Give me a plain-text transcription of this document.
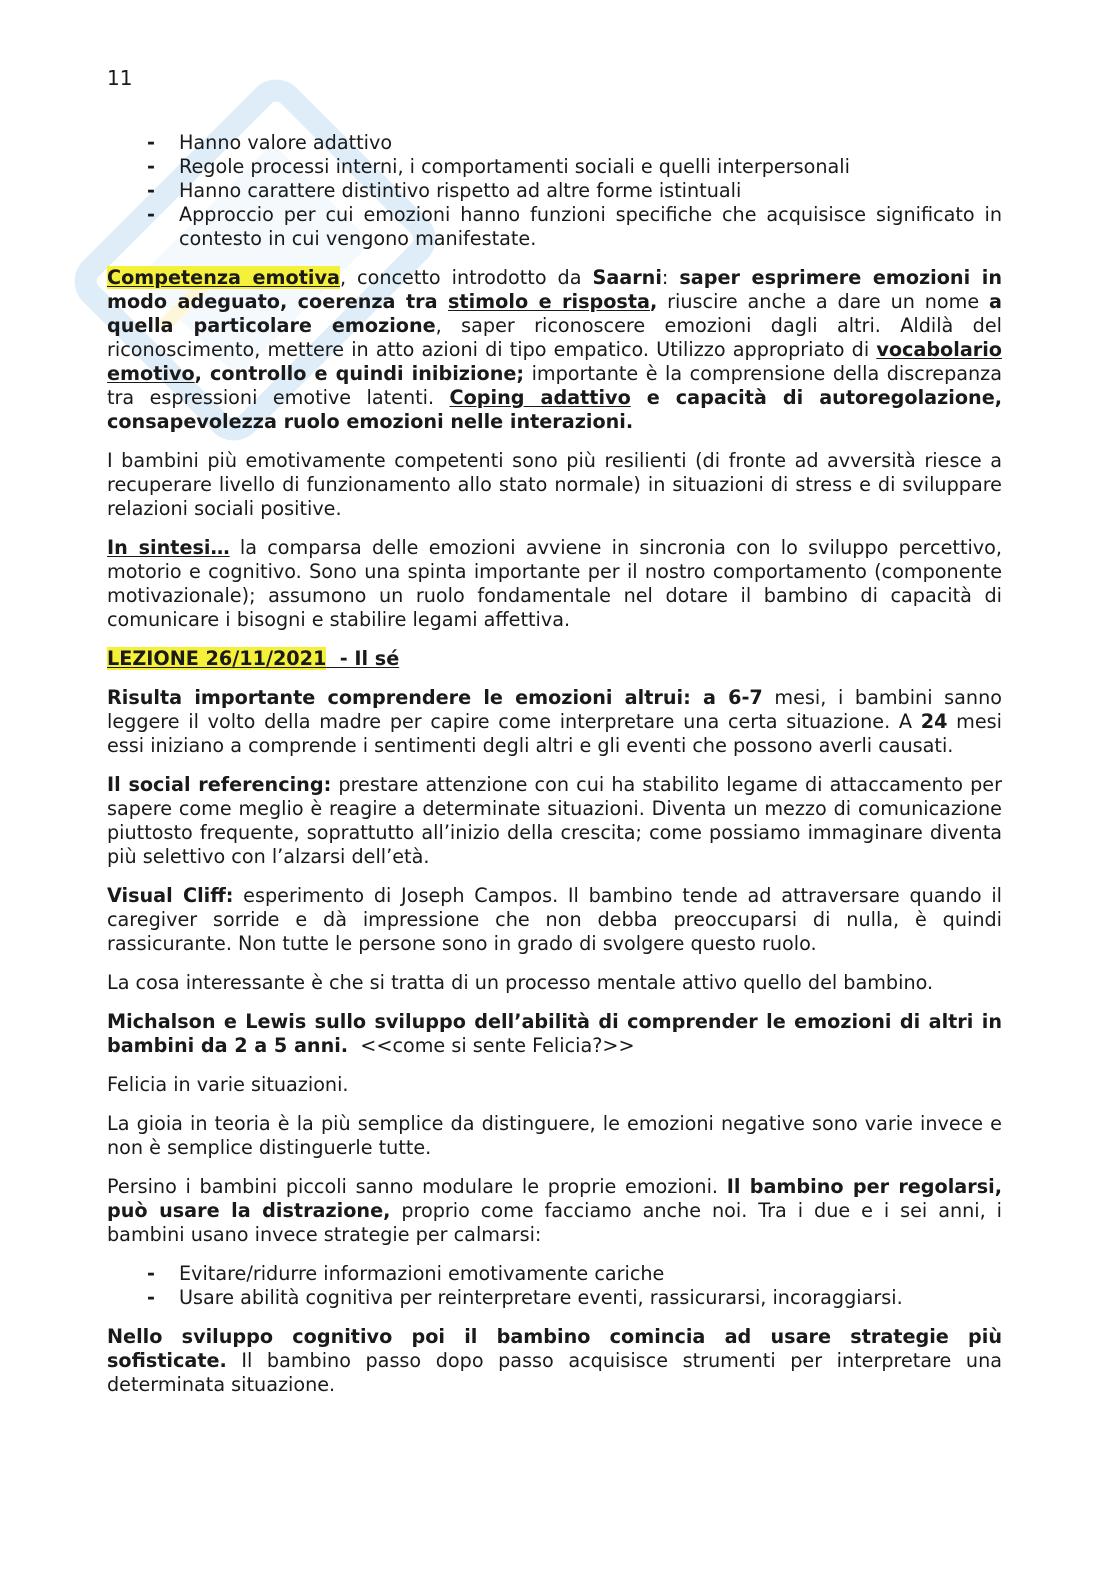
11
- Hanno valore adattivo
- Regole processi interni, i comportamenti sociali e quelli interpersonali
- Hanno carattere distintivo rispetto ad altre forme istintuali
- Approccio per cui emozioni hanno funzioni specifiche che acquisisce significato in contesto in cui vengono manifestate.

Competenza emotiva, concetto introdotto da Saarni: saper esprimere emozioni in modo adeguato, coerenza tra stimolo e risposta, riuscire anche a dare un nome a quella particolare emozione, saper riconoscere emozioni dagli altri. Aldilà del riconoscimento, mettere in atto azioni di tipo empatico. Utilizzo appropriato di vocabolario emotivo, controllo e quindi inibizione; importante è la comprensione della discrepanza tra espressioni emotive latenti. Coping adattivo e capacità di autoregolazione, consapevolezza ruolo emozioni nelle interazioni.

I bambini più emotivamente competenti sono più resilienti (di fronte ad avversità riesce a recuperare livello di funzionamento allo stato normale) in situazioni di stress e di sviluppare relazioni sociali positive.

In sintesi… la comparsa delle emozioni avviene in sincronia con lo sviluppo percettivo, motorio e cognitivo. Sono una spinta importante per il nostro comportamento (componente motivazionale); assumono un ruolo fondamentale nel dotare il bambino di capacità di comunicare i bisogni e stabilire legami affettiva.

LEZIONE 26/11/2021  - Il sé

Risulta importante comprendere le emozioni altrui: a 6-7 mesi, i bambini sanno leggere il volto della madre per capire come interpretare una certa situazione. A 24 mesi essi iniziano a comprende i sentimenti degli altri e gli eventi che possono averli causati.

Il social referencing: prestare attenzione con cui ha stabilito legame di attaccamento per sapere come meglio è reagire a determinate situazioni. Diventa un mezzo di comunicazione piuttosto frequente, soprattutto all’inizio della crescita; come possiamo immaginare diventa più selettivo con l’alzarsi dell’età.

Visual Cliff: esperimento di Joseph Campos. Il bambino tende ad attraversare quando il caregiver sorride e dà impressione che non debba preoccuparsi di nulla, è quindi rassicurante. Non tutte le persone sono in grado di svolgere questo ruolo.

La cosa interessante è che si tratta di un processo mentale attivo quello del bambino.

Michalson e Lewis sullo sviluppo dell’abilità di comprender le emozioni di altri in bambini da 2 a 5 anni.  <<come si sente Felicia?>>

Felicia in varie situazioni.

La gioia in teoria è la più semplice da distinguere, le emozioni negative sono varie invece e non è semplice distinguerle tutte.

Persino i bambini piccoli sanno modulare le proprie emozioni. Il bambino per regolarsi, può usare la distrazione, proprio come facciamo anche noi. Tra i due e i sei anni, i bambini usano invece strategie per calmarsi:

- Evitare/ridurre informazioni emotivamente cariche
- Usare abilità cognitiva per reinterpretare eventi, rassicurarsi, incoraggiarsi.

Nello sviluppo cognitivo poi il bambino comincia ad usare strategie più sofisticate. Il bambino passo dopo passo acquisisce strumenti per interpretare una determinata situazione.
